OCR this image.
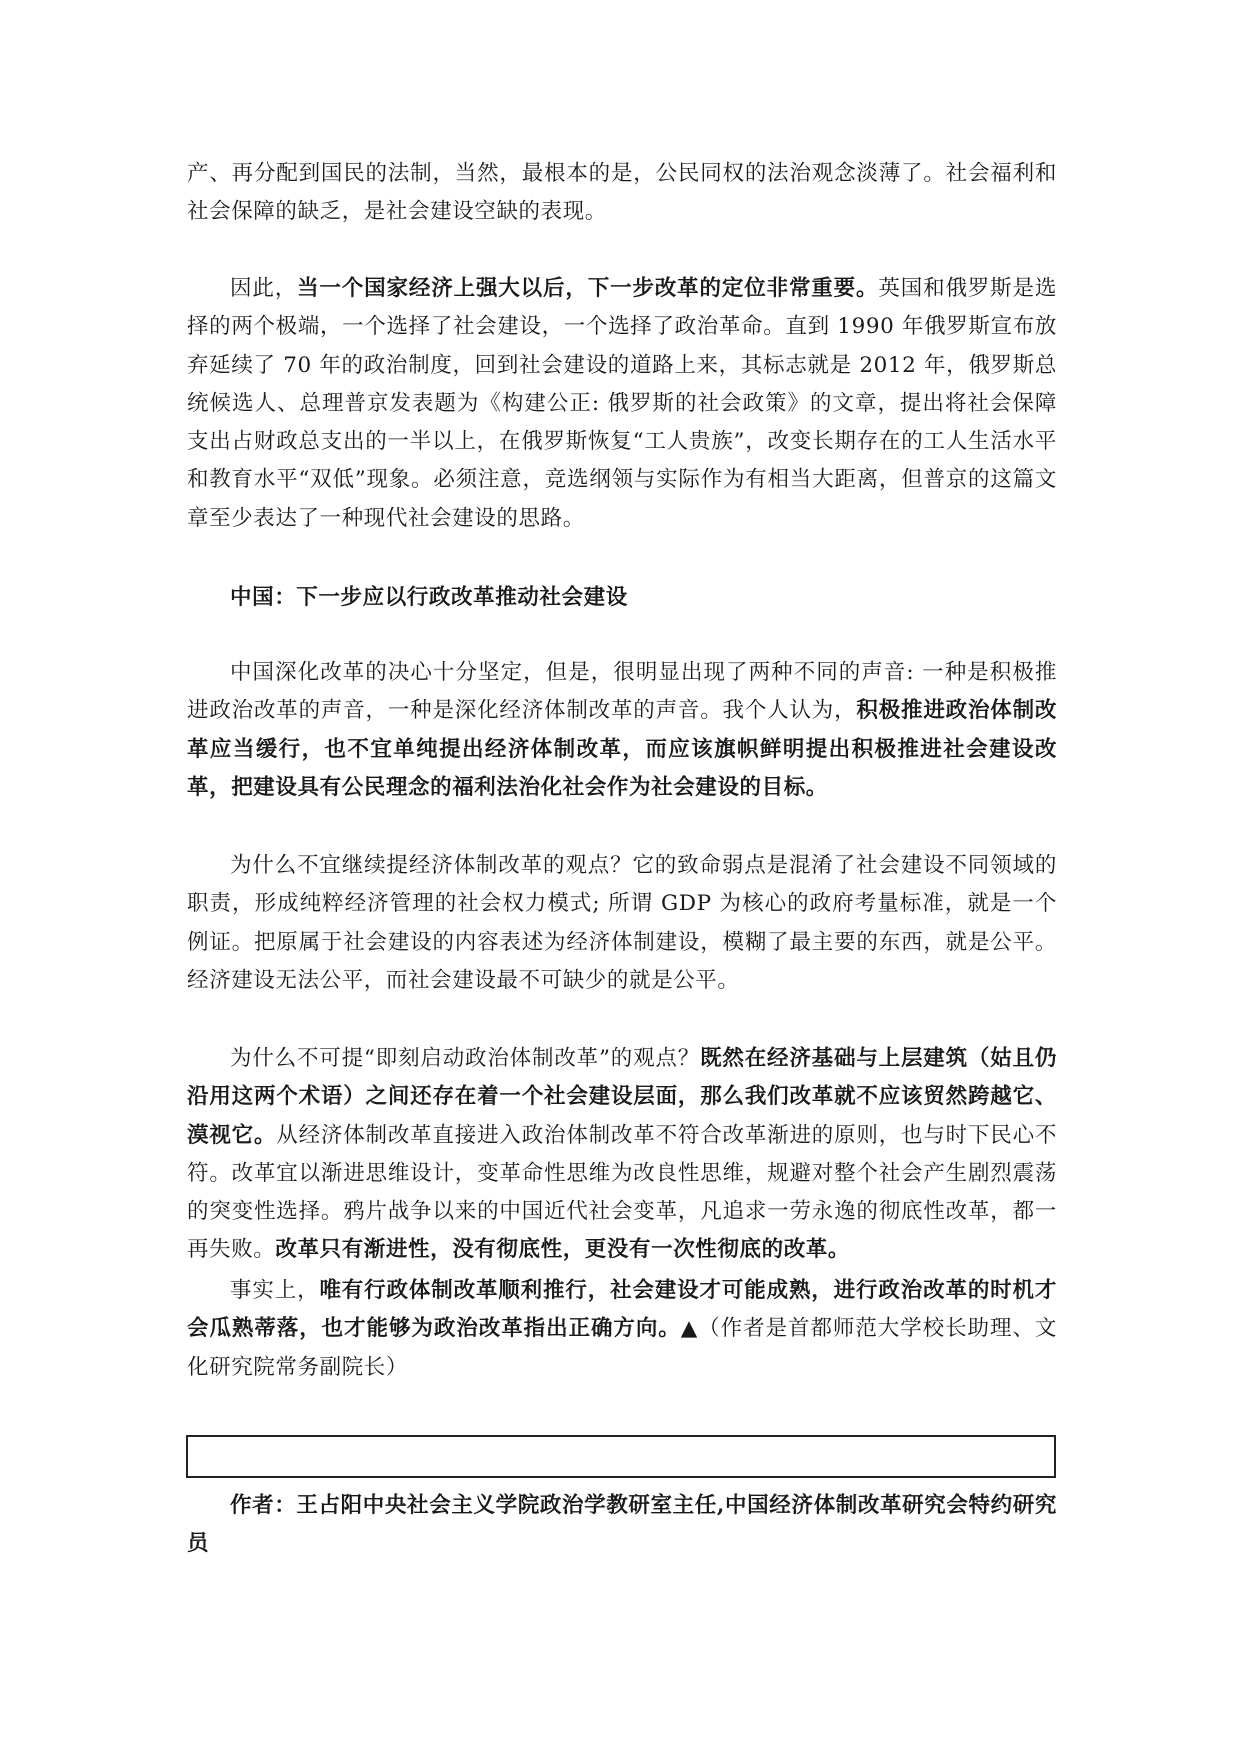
产、再分配到国民的法制，当然，最根本的是，公民同权的法治观念淡薄了。社会福利和社会保障的缺乏，是社会建设空缺的表现。

因此，当一个国家经济上强大以后，下一步改革的定位非常重要。英国和俄罗斯是选择的两个极端，一个选择了社会建设，一个选择了政治革命。直到 1990 年俄罗斯宣布放弃延续了 70 年的政治制度，回到社会建设的道路上来，其标志就是 2012 年，俄罗斯总统候选人、总理普京发表题为《构建公正: 俄罗斯的社会政策》的文章，提出将社会保障支出占财政总支出的一半以上，在俄罗斯恢复“工人贵族”，改变长期存在的工人生活水平和教育水平“双低”现象。必须注意，竞选纲领与实际作为有相当大距离，但普京的这篇文章至少表达了一种现代社会建设的思路。

中国：下一步应以行政改革推动社会建设

中国深化改革的决心十分坚定，但是，很明显出现了两种不同的声音: 一种是积极推进政治改革的声音，一种是深化经济体制改革的声音。我个人认为，积极推进政治体制改革应当缓行，也不宜单纯提出经济体制改革，而应该旗帜鲜明提出积极推进社会建设改革，把建设具有公民理念的福利法治化社会作为社会建设的目标。

为什么不宜继续提经济体制改革的观点？它的致命弱点是混淆了社会建设不同领域的职责，形成纯粹经济管理的社会权力模式; 所谓 GDP 为核心的政府考量标准，就是一个例证。把原属于社会建设的内容表述为经济体制建设，模糊了最主要的东西，就是公平。经济建设无法公平，而社会建设最不可缺少的就是公平。

为什么不可提“即刻启动政治体制改革”的观点？既然在经济基础与上层建筑（姑且仍沿用这两个术语）之间还存在着一个社会建设层面，那么我们改革就不应该贸然跨越它、漠视它。从经济体制改革直接进入政治体制改革不符合改革渐进的原则，也与时下民心不符。改革宜以渐进思维设计，变革命性思维为改良性思维，规避对整个社会产生剧烈震荡的突变性选择。鸦片战争以来的中国近代社会变革，凡追求一劳永逸的彻底性改革，都一再失败。改革只有渐进性，没有彻底性，更没有一次性彻底的改革。

事实上，唯有行政体制改革顺利推行，社会建设才可能成熟，进行政治改革的时机才会瓜熟蒂落，也才能够为政治改革指出正确方向。▲（作者是首都师范大学校长助理、文化研究院常务副院长）

作者：王占阳中央社会主义学院政治学教研室主任,中国经济体制改革研究会特约研究员
